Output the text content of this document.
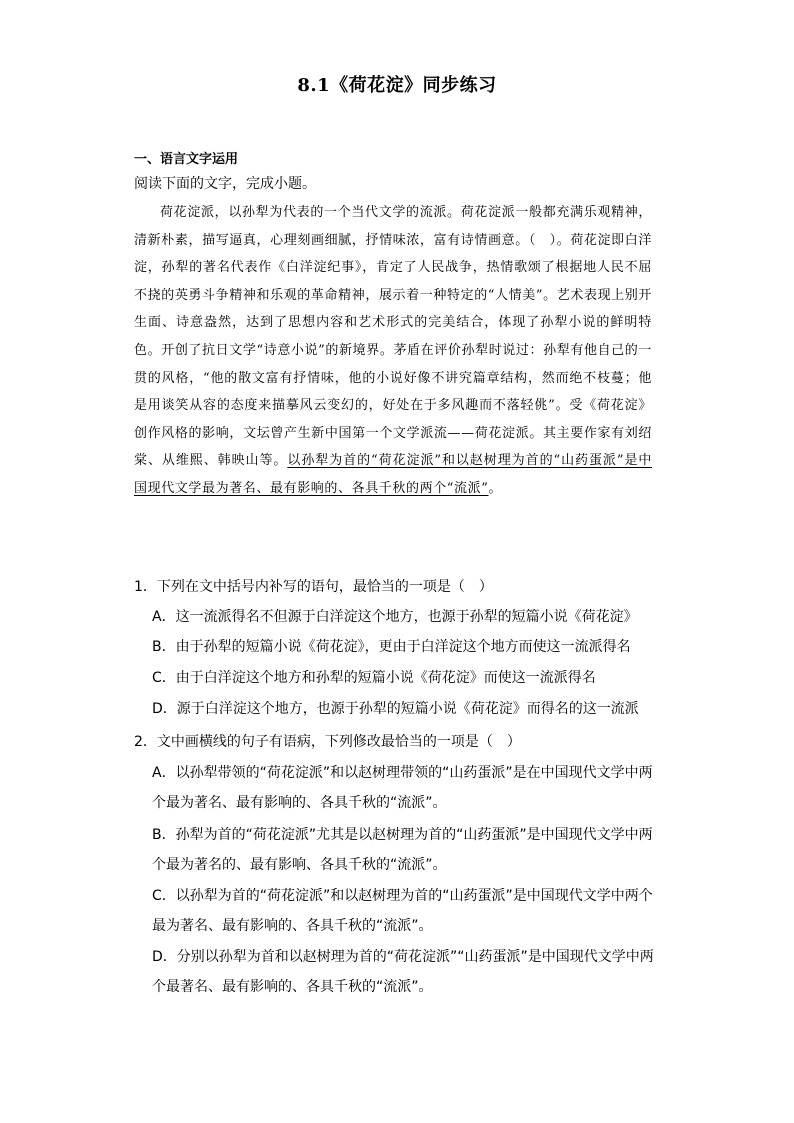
8.1《荷花淀》同步练习
一、语言文字运用
阅读下面的文字，完成小题。

荷花淀派，以孙犁为代表的一个当代文学的流派。荷花淀派一般都充满乐观精神，清新朴素，描写逼真，心理刻画细腻，抒情味浓，富有诗情画意。（　）。荷花淀即白洋淀，孙犁的著名代表作《白洋淀纪事》，肯定了人民战争，热情歌颂了根据地人民不屈不挠的英勇斗争精神和乐观的革命精神，展示着一种特定的“人情美”。艺术表现上别开生面、诗意盎然，达到了思想内容和艺术形式的完美结合，体现了孙犁小说的鲜明特色。开创了抗日文学“诗意小说”的新境界。茅盾在评价孙犁时说过：孙犁有他自己的一贯的风格，“他的散文富有抒情味，他的小说好像不讲究篇章结构，然而绝不枝蔓；他是用谈笑从容的态度来描摹风云变幻的，好处在于多风趣而不落轻佻”。受《荷花淀》创作风格的影响，文坛曾产生新中国第一个文学派流——荷花淀派。其主要作家有刘绍棠、从维熙、韩映山等。以孙犁为首的“荷花淀派”和以赵树理为首的“山药蛋派”是中国现代文学最为著名、最有影响的、各具千秋的两个“流派”。

1．下列在文中括号内补写的语句，最恰当的一项是（　）
A．这一流派得名不但源于白洋淀这个地方，也源于孙犁的短篇小说《荷花淀》
B．由于孙犁的短篇小说《荷花淀》，更由于白洋淀这个地方而使这一流派得名
C．由于白洋淀这个地方和孙犁的短篇小说《荷花淀》而使这一流派得名
D．源于白洋淀这个地方，也源于孙犁的短篇小说《荷花淀》而得名的这一流派
2．文中画横线的句子有语病，下列修改最恰当的一项是（　）
A．以孙犁带领的“荷花淀派”和以赵树理带领的“山药蛋派”是在中国现代文学中两个最为著名、最有影响的、各具千秋的“流派”。
B．孙犁为首的“荷花淀派”尤其是以赵树理为首的“山药蛋派”是中国现代文学中两个最为著名的、最有影响、各具千秋的“流派”。
C．以孙犁为首的“荷花淀派”和以赵树理为首的“山药蛋派”是中国现代文学中两个最为著名、最有影响的、各具千秋的“流派”。
D．分别以孙犁为首和以赵树理为首的“荷花淀派”“山药蛋派”是中国现代文学中两个最著名、最有影响的、各具千秋的“流派”。
